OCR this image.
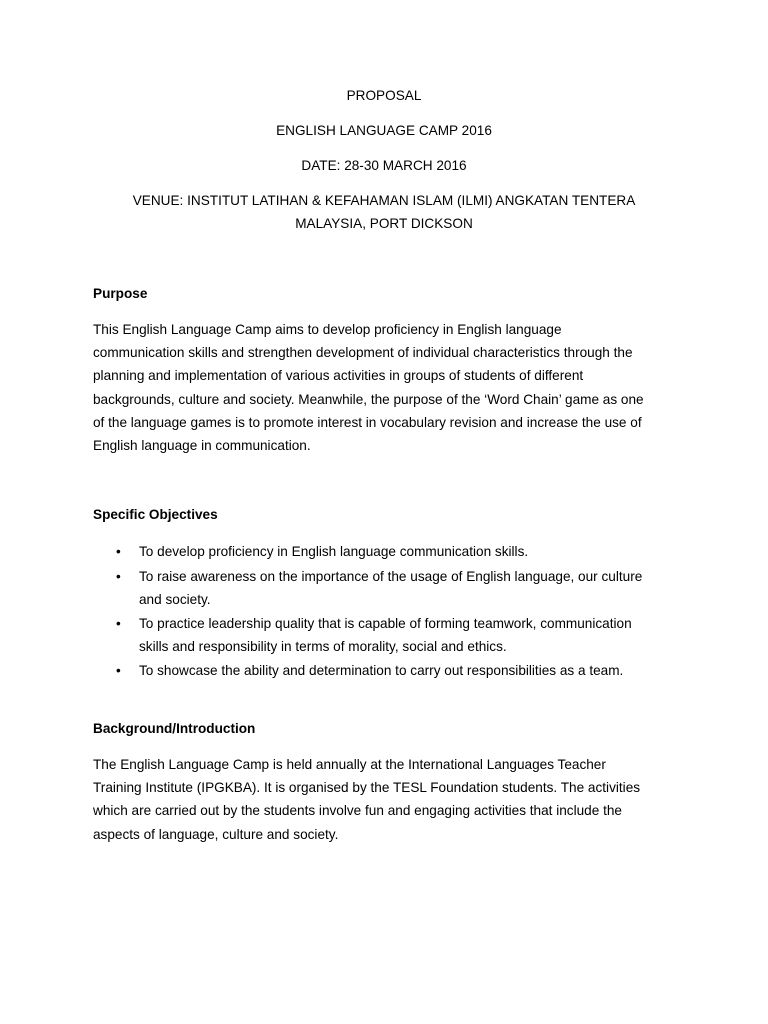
PROPOSAL
ENGLISH LANGUAGE CAMP 2016
DATE: 28-30 MARCH 2016
VENUE: INSTITUT LATIHAN & KEFAHAMAN ISLAM (ILMI) ANGKATAN TENTERA
MALAYSIA, PORT DICKSON
Purpose
This English Language Camp aims to develop proficiency in English language
communication skills and strengthen development of individual characteristics through the
planning and implementation of various activities in groups of students of different
backgrounds, culture and society. Meanwhile, the purpose of the ‘Word Chain’ game as one
of the language games is to promote interest in vocabulary revision and increase the use of
English language in communication.
Specific Objectives
• To develop proficiency in English language communication skills.
• To raise awareness on the importance of the usage of English language, our culture
and society.
• To practice leadership quality that is capable of forming teamwork, communication
skills and responsibility in terms of morality, social and ethics.
• To showcase the ability and determination to carry out responsibilities as a team.
Background/Introduction
The English Language Camp is held annually at the International Languages Teacher
Training Institute (IPGKBA). It is organised by the TESL Foundation students. The activities
which are carried out by the students involve fun and engaging activities that include the
aspects of language, culture and society.
